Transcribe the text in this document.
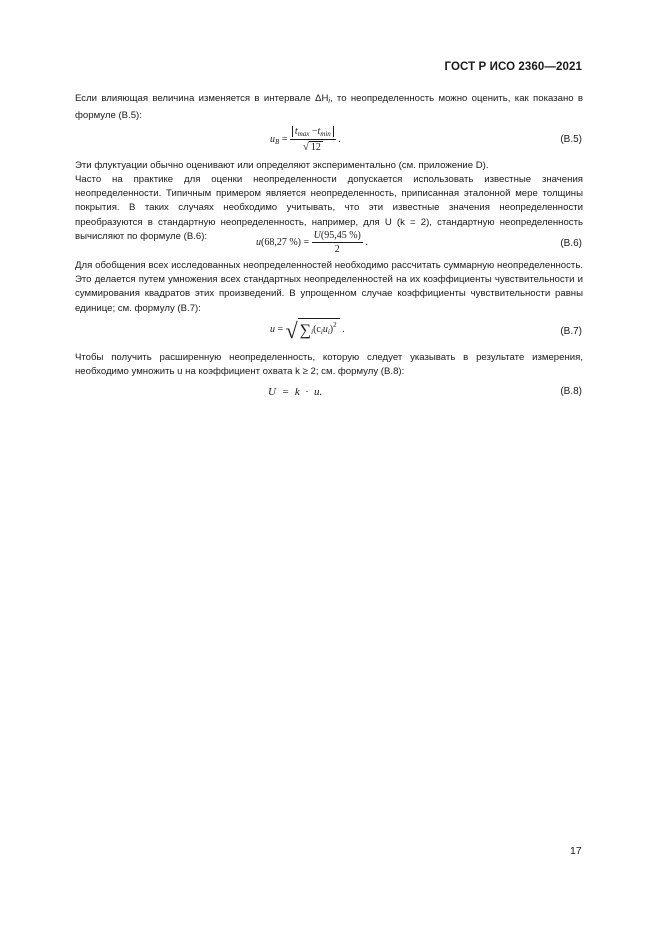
ГОСТ Р ИСО 2360—2021
Если влияющая величина изменяется в интервале $\Delta H_i$, то неопределенность можно оценить, как показано в формуле (B.5):
$u_B = \frac{t_{max} -t_{min}}{√ 12}$ .	(B.5)
Эти флуктуации обычно оценивают или определяют экспериментально (см. приложение D).
Часто на практике для оценки неопределенности допускается использовать известные значения неопределенности. Типичным примером является неопределенность, приписанная эталонной мере толщины покрытия. В таких случаях необходимо учитывать, что эти известные значения неопределенности преобразуются в стандартную неопределенность, например, для U (k = 2), стандартную неопределенность вычисляют по формуле (B.6):
u(68,27 %) = $\frac{U(95,45 \%)}{2}$ .	(B.6)
Для обобщения всех исследованных неопределенностей необходимо рассчитать суммарную неопределенность. Это делается путем умножения всех стандартных неопределенностей на их коэффициенты чувствительности и суммирования квадратов этих произведений. В упрощенном случае коэффициенты чувствительности равны единице; см. формулу (B.7):
u = √ $\sum_i(c_iu_i)^2$ .	(B.7)
Чтобы получить расширенную неопределенность, которую следует указывать в результате измерения, необходимо умножить u на коэффициент охвата k ≥ 2; см. формулу (B.8):
U = k · u.	(B.8)
17
